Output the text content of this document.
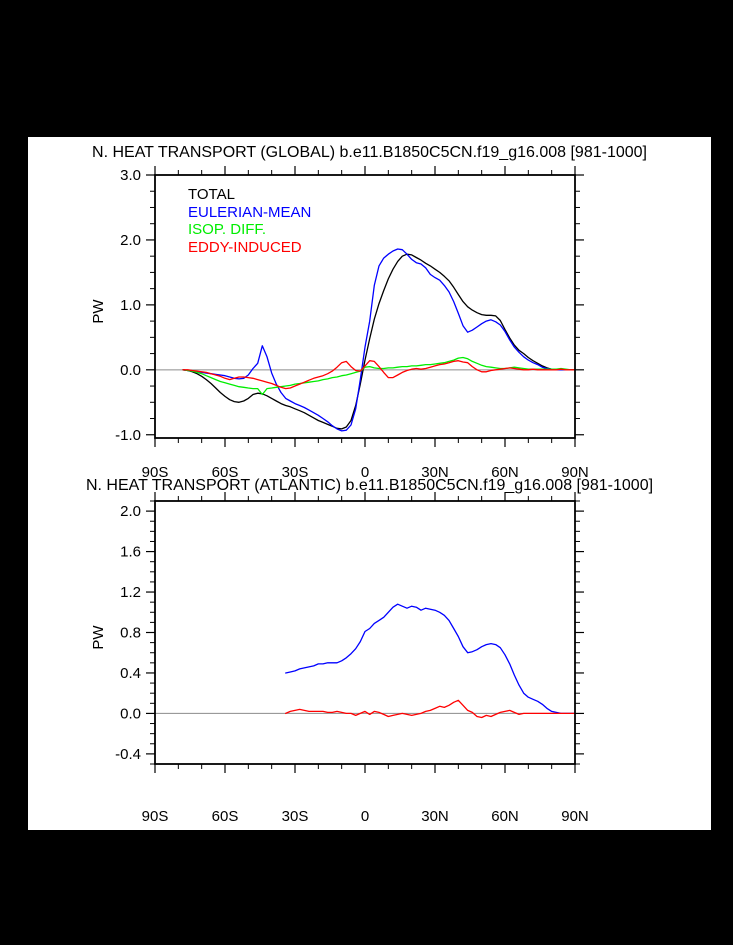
N. HEAT TRANSPORT (GLOBAL) b.e11.B1850C5CN.f19_g16.008 [981-1000]
N. HEAT TRANSPORT (ATLANTIC) b.e11.B1850C5CN.f19_g16.008 [981-1000]
TOTAL
EULERIAN-MEAN
ISOP. DIFF.
EDDY-INDUCED
90S	60S	30S	0	30N	60N	90N
3.0
2.0
1.0
0.0
-1.0
PW
90S	60S	30S	0	30N	60N	90N
2.0
1.6
1.2
0.8
0.4
0.0
-0.4
PW
